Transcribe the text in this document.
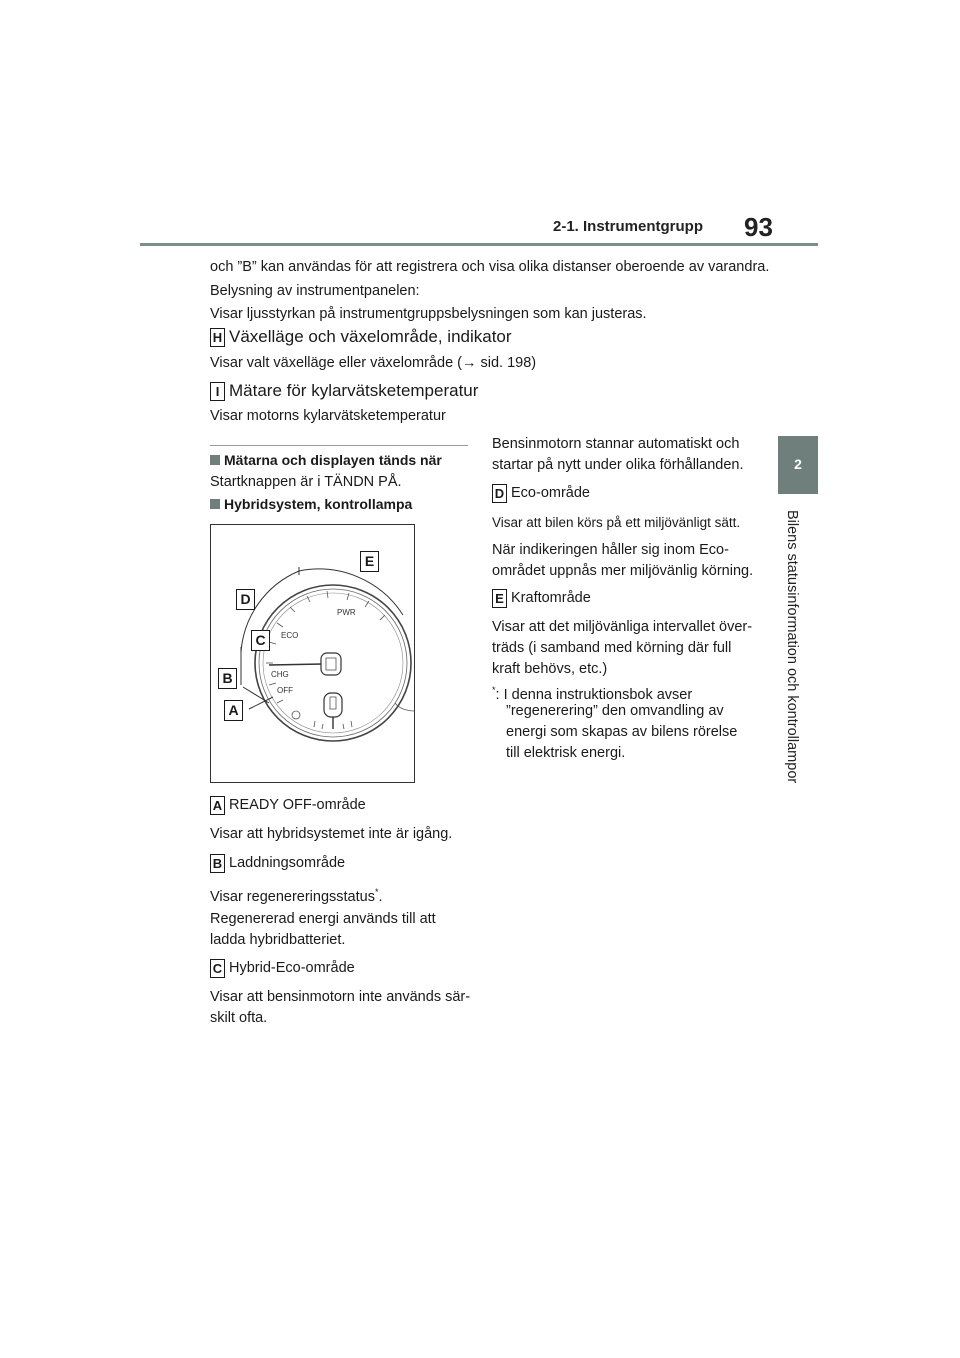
2-1. Instrumentgrupp 93
2
Bilens statusinformation och kontrollampor
och ”B” kan användas för att registrera och visa olika distanser oberoende av varandra.
Belysning av instrumentpanelen:
Visar ljusstyrkan på instrumentgruppsbelysningen som kan justeras.
H Växelläge och växelområde, indikator
Visar valt växelläge eller växelområde (→ sid. 198)
I Mätare för kylarvätsketemperatur
Visar motorns kylarvätsketemperatur
Mätarna och displayen tänds när
Startknappen är i TÄNDN PÅ.
Hybridsystem, kontrollampa
PWR
ECO
CHG
OFF
E
D
C
B
A
A READY OFF-område
Visar att hybridsystemet inte är igång.
B Laddningsområde
Visar regenereringsstatus*.
Regenererad energi används till att
ladda hybridbatteriet.
C Hybrid-Eco-område
Visar att bensinmotorn inte används sär-
skilt ofta.
Bensinmotorn stannar automatiskt och
startar på nytt under olika förhållanden.
D Eco-område
Visar att bilen körs på ett miljövänligt sätt.
När indikeringen håller sig inom Eco-
området uppnås mer miljövänlig körning.
E Kraftområde
Visar att det miljövänliga intervallet över-
träds (i samband med körning där full
kraft behövs, etc.)
*: I denna instruktionsbok avser
”regenerering” den omvandling av
energi som skapas av bilens rörelse
till elektrisk energi.
